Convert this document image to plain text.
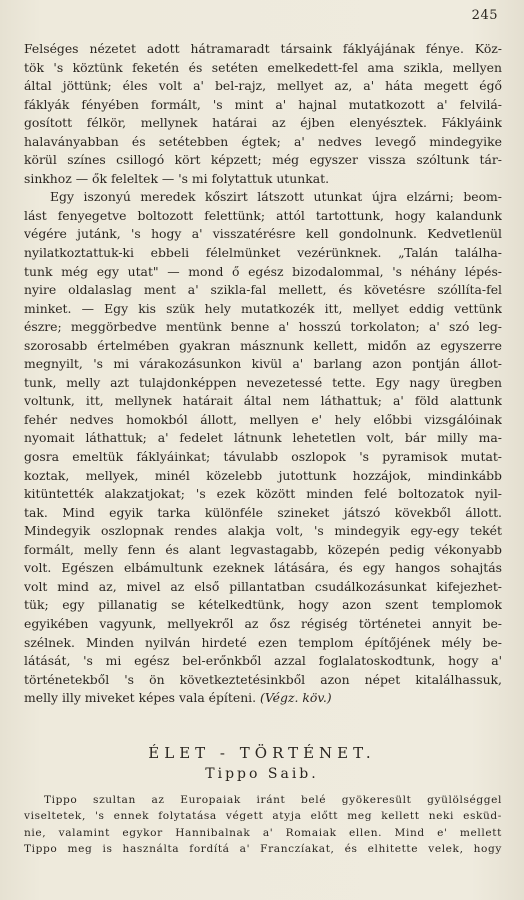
245
Felséges nézetet adott hátramaradt társaink fáklyájának fénye. Köz-
tök 's köztünk feketén és setéten emelkedett-fel ama szikla, mellyen
által jöttünk; éles volt a' bel-rajz, mellyet az, a' háta megett égő
fáklyák fényében formált, 's mint a' hajnal mutatkozott a' felvilá-
gosított félkör, mellynek határai az éjben elenyésztek. Fáklyáink
halaványabban és setétebben égtek; a' nedves levegő mindegyike
körül színes csillogó kört képzett; még egyszer vissza szóltunk tár-
sinkhoz — ők feleltek — 's mi folytattuk utunkat.
Egy iszonyú meredek kőszirt látszott utunkat újra elzárni; beom-
lást fenyegetve boltozott felettünk; attól tartottunk, hogy kalandunk
végére jutánk, 's hogy a' visszatérésre kell gondolnunk. Kedvetlenül
nyilatkoztattuk-ki ebbeli félelmünket vezérünknek. „Talán találha-
tunk még egy utat" — mond ő egész bizodalommal, 's néhány lépés-
nyire oldalaslag ment a' szikla-fal mellett, és követésre szóllíta-fel
minket. — Egy kis szük hely mutatkozék itt, mellyet eddig vettünk
észre; meggörbedve mentünk benne a' hosszú torkolaton; a' szó leg-
szorosabb értelmében gyakran másznunk kellett, midőn az egyszerre
megnyilt, 's mi várakozásunkon kivül a' barlang azon pontján állot-
tunk, melly azt tulajdonképpen nevezetessé tette. Egy nagy üregben
voltunk, itt, mellynek határait által nem láthattuk; a' föld alattunk
fehér nedves homokból állott, mellyen e' hely előbbi vizsgálóinak
nyomait láthattuk; a' fedelet látnunk lehetetlen volt, bár milly ma-
gosra emeltük fáklyáinkat; távulabb oszlopok 's pyramisok mutat-
koztak, mellyek, minél közelebb jutottunk hozzájok, mindinkább
kitüntették alakzatjokat; 's ezek között minden felé boltozatok nyil-
tak. Mind egyik tarka különféle szineket játszó kövekből állott.
Mindegyik oszlopnak rendes alakja volt, 's mindegyik egy-egy tekét
formált, melly fenn és alant legvastagabb, közepén pedig vékonyabb
volt. Egészen elbámultunk ezeknek látására, és egy hangos sohajtás
volt mind az, mivel az első pillantatban csudálkozásunkat kifejezhet-
tük; egy pillanatig se kételkedtünk, hogy azon szent templomok
egyikében vagyunk, mellyekről az ősz régiség történetei annyit be-
szélnek. Minden nyilván hirdeté ezen templom építőjének mély be-
látását, 's mi egész bel-erőnkből azzal foglalatoskodtunk, hogy a'
történetekből 's ön következtetésinkből azon népet kitalálhassuk,
melly illy miveket képes vala építeni. (Végz. köv.)
ÉLET - TÖRTÉNET.
Tippo Saib.
Tippo szultan az Europaiak iránt belé gyökeresült gyülölséggel
viseltetek, 's ennek folytatása végett atyja előtt meg kellett neki esküd-
nie, valamint egykor Hannibalnak a' Romaiak ellen. Mind e' mellett
Tippo meg is használta fordítá a' Franczíakat, és elhitette velek, hogy
